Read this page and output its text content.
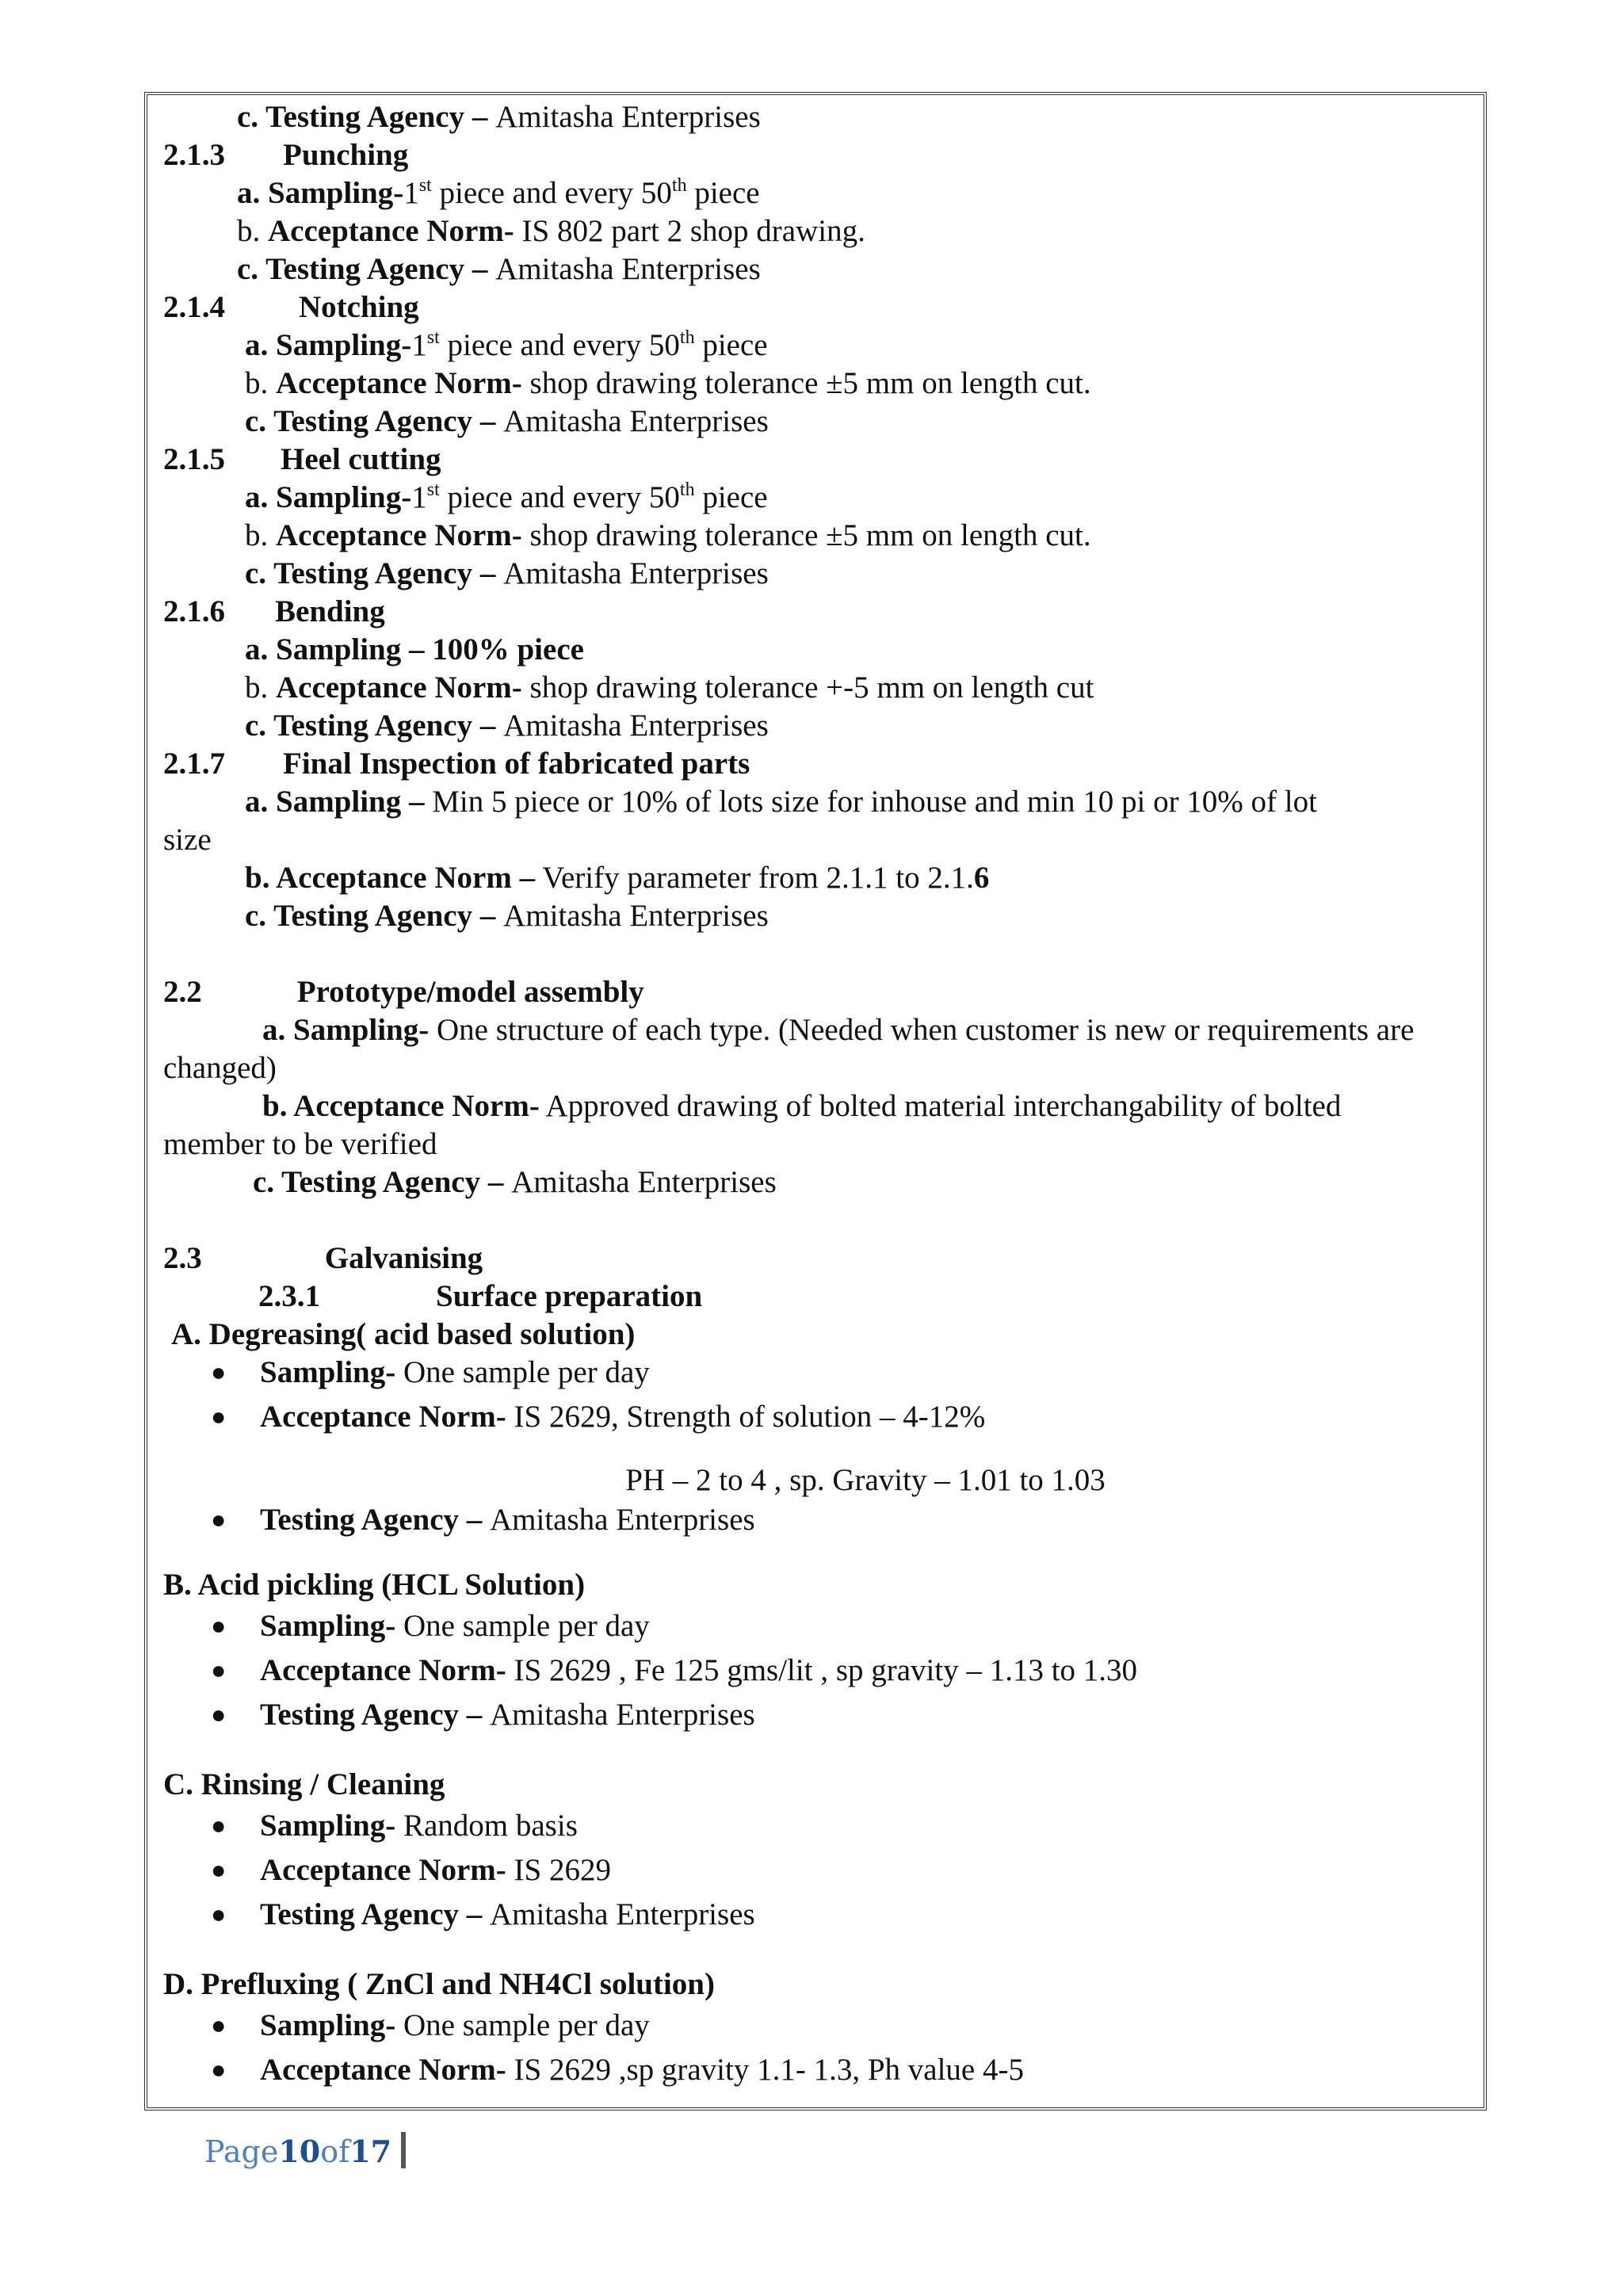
c. Testing Agency – Amitasha Enterprises
2.1.3 Punching
a. Sampling-1st piece and every 50th piece
b. Acceptance Norm- IS 802 part 2 shop drawing.
c. Testing Agency – Amitasha Enterprises
2.1.4 Notching
a. Sampling-1st piece and every 50th piece
b. Acceptance Norm- shop drawing tolerance ±5 mm on length cut.
c. Testing Agency – Amitasha Enterprises
2.1.5 Heel cutting
a. Sampling-1st piece and every 50th piece
b. Acceptance Norm- shop drawing tolerance ±5 mm on length cut.
c. Testing Agency – Amitasha Enterprises
2.1.6 Bending
a. Sampling – 100% piece
b. Acceptance Norm- shop drawing tolerance +-5 mm on length cut
c. Testing Agency – Amitasha Enterprises
2.1.7 Final Inspection of fabricated parts
a. Sampling – Min 5 piece or 10% of lots size for inhouse and min 10 pi or 10% of lot
size
b. Acceptance Norm – Verify parameter from 2.1.1 to 2.1.6
c. Testing Agency – Amitasha Enterprises
2.2	Prototype/model assembly
a. Sampling- One structure of each type. (Needed when customer is new or requirements are
changed)
b. Acceptance Norm- Approved drawing of bolted material interchangability of bolted
member to be verified
c. Testing Agency – Amitasha Enterprises
2.3	Galvanising
2.3.1	Surface preparation
A. Degreasing( acid based solution)
● Sampling- One sample per day
● Acceptance Norm- IS 2629, Strength of solution – 4-12%
PH – 2 to 4 , sp. Gravity – 1.01 to 1.03
● Testing Agency – Amitasha Enterprises
B. Acid pickling (HCL Solution)
● Sampling- One sample per day
● Acceptance Norm- IS 2629 , Fe 125 gms/lit , sp gravity – 1.13 to 1.30
● Testing Agency – Amitasha Enterprises
C. Rinsing / Cleaning
● Sampling- Random basis
● Acceptance Norm- IS 2629
● Testing Agency – Amitasha Enterprises
D. Prefluxing ( ZnCl and NH4Cl solution)
● Sampling- One sample per day
● Acceptance Norm- IS 2629 ,sp gravity 1.1- 1.3, Ph value 4-5
Page10of17
